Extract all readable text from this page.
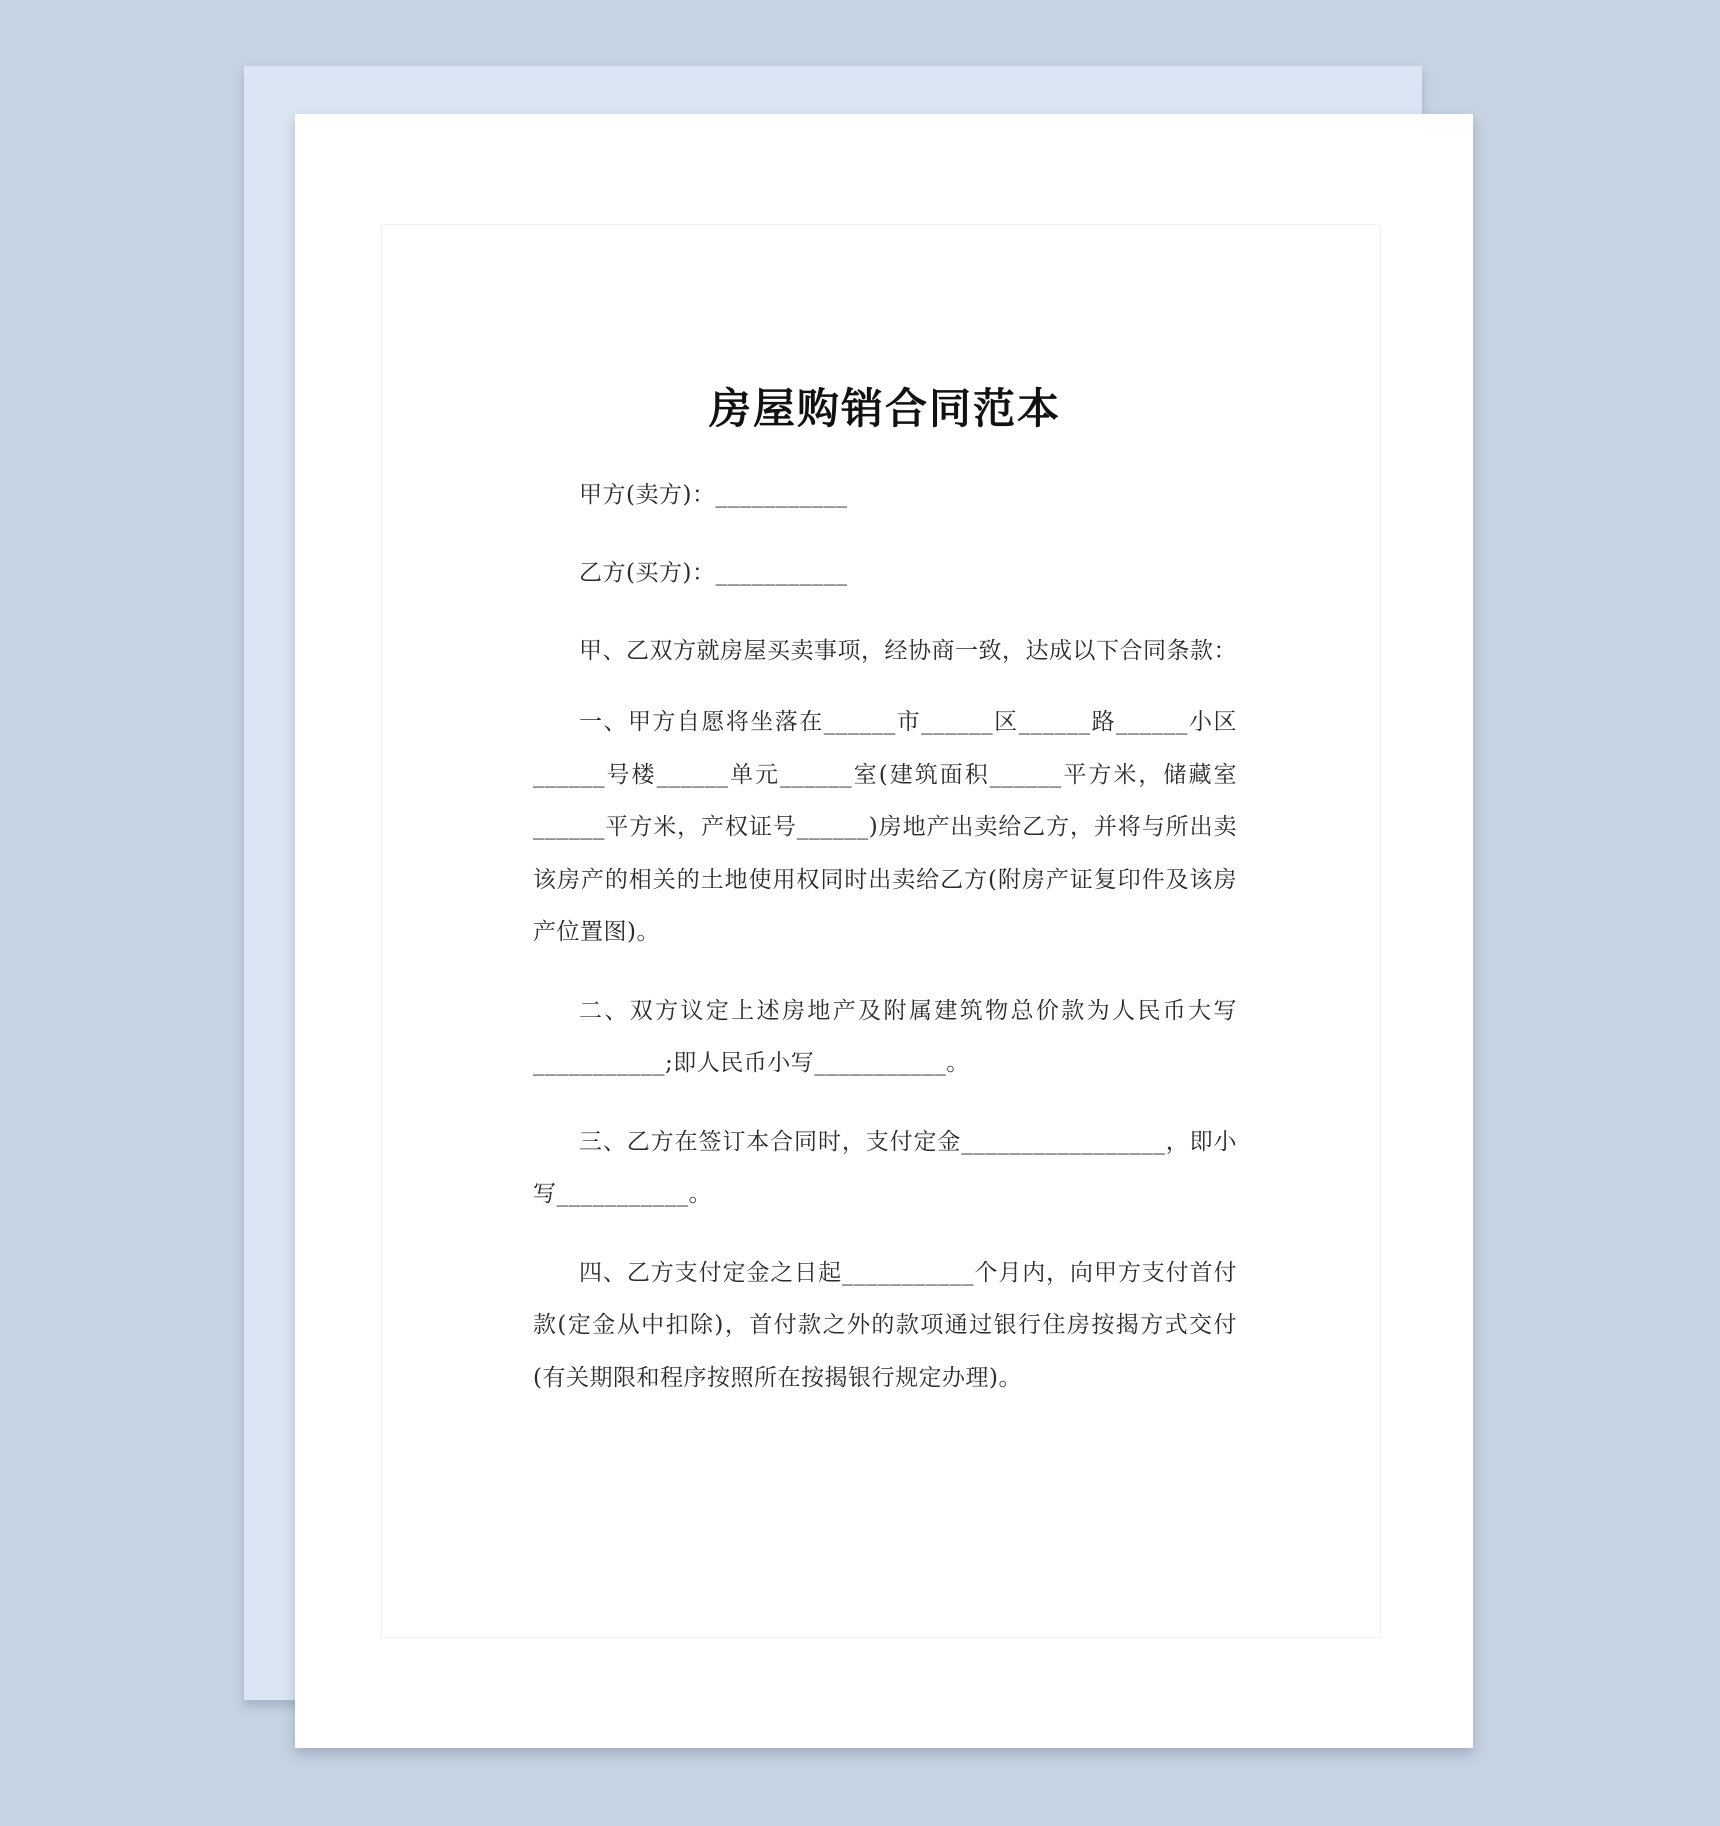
房屋购销合同范本

甲方(卖方)：___________

乙方(买方)：___________

甲、乙双方就房屋买卖事项，经协商一致，达成以下合同条款：

一、甲方自愿将坐落在______市______区______路______小区______号楼______单元______室(建筑面积______平方米，储藏室______平方米，产权证号______)房地产出卖给乙方，并将与所出卖该房产的相关的土地使用权同时出卖给乙方(附房产证复印件及该房产位置图)。

二、双方议定上述房地产及附属建筑物总价款为人民币大写___________;即人民币小写___________。

三、乙方在签订本合同时，支付定金_________________，即小写___________。

四、乙方支付定金之日起___________个月内，向甲方支付首付款(定金从中扣除)，首付款之外的款项通过银行住房按揭方式交付(有关期限和程序按照所在按揭银行规定办理)。
